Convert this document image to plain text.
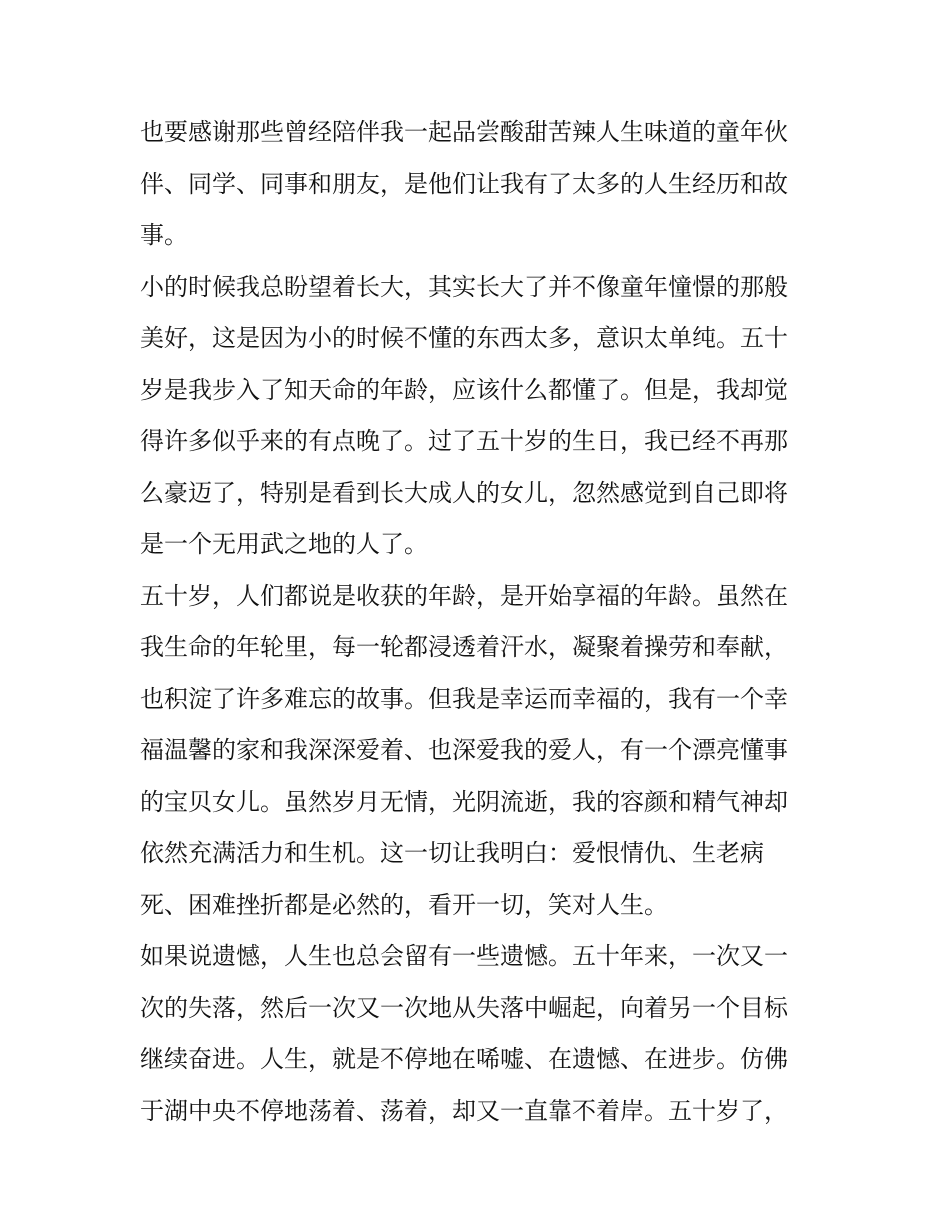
也要感谢那些曾经陪伴我一起品尝酸甜苦辣人生味道的童年伙
伴、同学、同事和朋友，是他们让我有了太多的人生经历和故
事。
小的时候我总盼望着长大，其实长大了并不像童年憧憬的那般
美好，这是因为小的时候不懂的东西太多，意识太单纯。五十
岁是我步入了知天命的年龄，应该什么都懂了。但是，我却觉
得许多似乎来的有点晚了。过了五十岁的生日，我已经不再那
么豪迈了，特别是看到长大成人的女儿，忽然感觉到自己即将
是一个无用武之地的人了。
五十岁，人们都说是收获的年龄，是开始享福的年龄。虽然在
我生命的年轮里，每一轮都浸透着汗水，凝聚着操劳和奉献，
也积淀了许多难忘的故事。但我是幸运而幸福的，我有一个幸
福温馨的家和我深深爱着、也深爱我的爱人，有一个漂亮懂事
的宝贝女儿。虽然岁月无情，光阴流逝，我的容颜和精气神却
依然充满活力和生机。这一切让我明白：爱恨情仇、生老病
死、困难挫折都是必然的，看开一切，笑对人生。
如果说遗憾，人生也总会留有一些遗憾。五十年来，一次又一
次的失落，然后一次又一次地从失落中崛起，向着另一个目标
继续奋进。人生，就是不停地在唏嘘、在遗憾、在进步。仿佛
于湖中央不停地荡着、荡着，却又一直靠不着岸。五十岁了，
